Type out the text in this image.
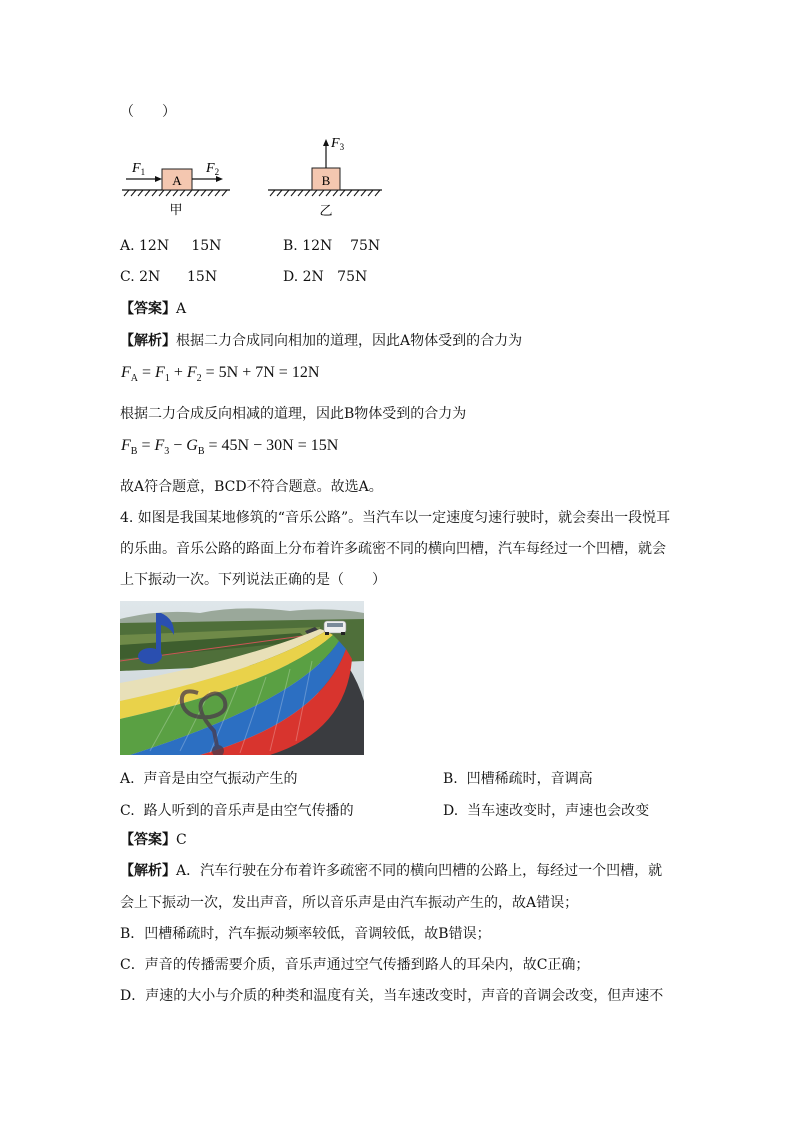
（　　）
A
$F_1$	$F_2$
甲
B
$F_3$
乙
A. 12N 15N	B. 12N 75N
C. 2N 15N	D. 2N 75N
【答案】A
【解析】根据二力合成同向相加的道理，因此A物体受到的合力为
$F_A = F_1 + F_2 = 5N + 7N = 12N$
根据二力合成反向相减的道理，因此B物体受到的合力为
$F_B = F_3 - G_B = 45N - 30N = 15N$
故A符合题意，BCD不符合题意。故选A。
4. 如图是我国某地修筑的“音乐公路”。当汽车以一定速度匀速行驶时，就会奏出一段悦耳
的乐曲。音乐公路的路面上分布着许多疏密不同的横向凹槽，汽车每经过一个凹槽，就会
上下振动一次。下列说法正确的是（　　）
A. 声音是由空气振动产生的	B. 凹槽稀疏时，音调高
C. 路人听到的音乐声是由空气传播的	D. 当车速改变时，声速也会改变
【答案】C
【解析】A．汽车行驶在分布着许多疏密不同的横向凹槽的公路上，每经过一个凹槽，就
会上下振动一次，发出声音，所以音乐声是由汽车振动产生的，故A错误；
B．凹槽稀疏时，汽车振动频率较低，音调较低，故B错误；
C．声音的传播需要介质，音乐声通过空气传播到路人的耳朵内，故C正确；
D．声速的大小与介质的种类和温度有关，当车速改变时，声音的音调会改变，但声速不
